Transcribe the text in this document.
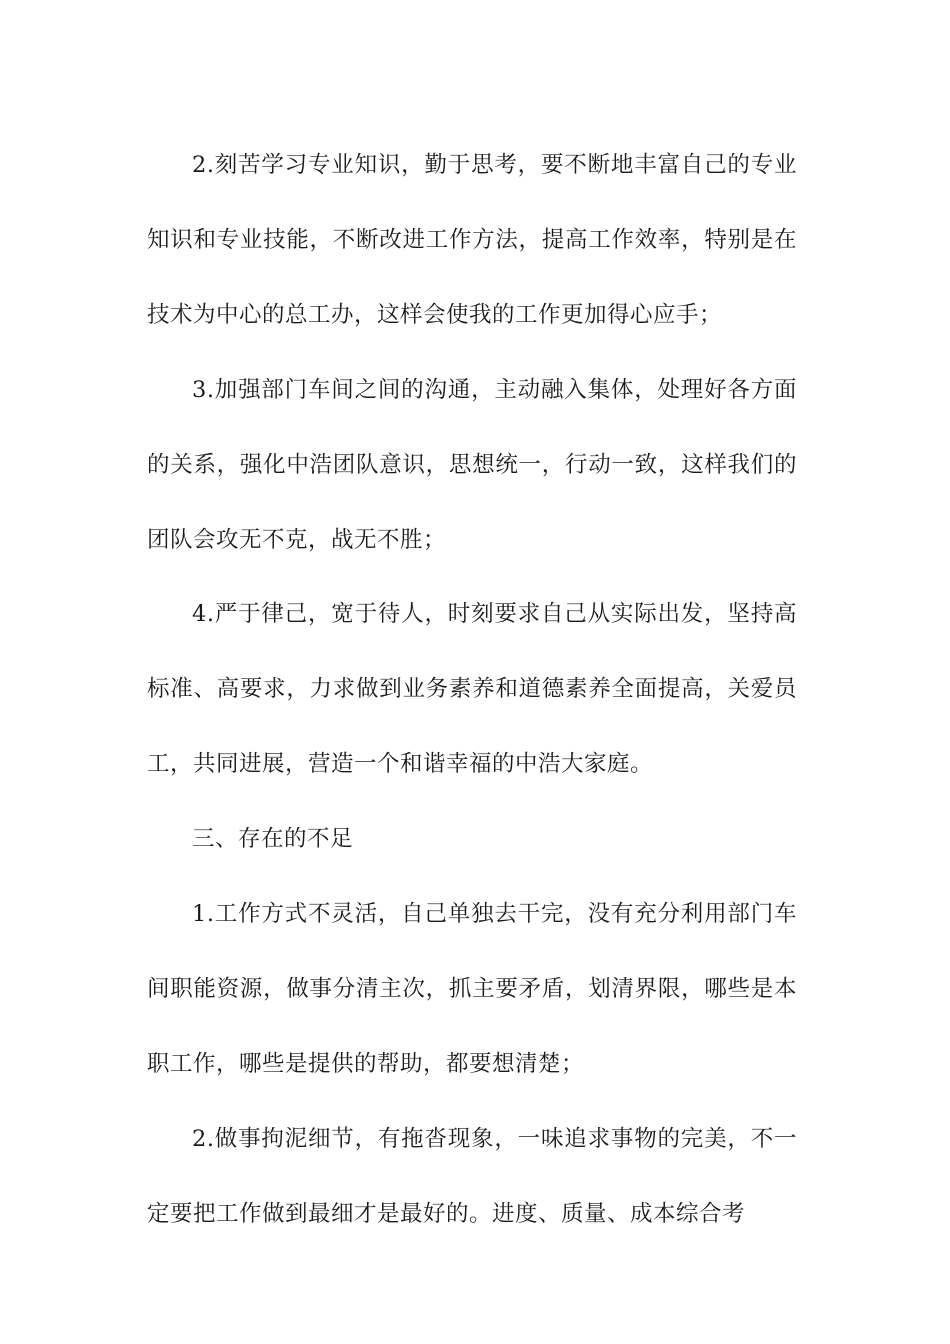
2.刻苦学习专业知识，勤于思考，要不断地丰富自己的专业知识和专业技能，不断改进工作方法，提高工作效率，特别是在技术为中心的总工办，这样会使我的工作更加得心应手；

3.加强部门车间之间的沟通，主动融入集体，处理好各方面的关系，强化中浩团队意识，思想统一，行动一致，这样我们的团队会攻无不克，战无不胜；

4.严于律己，宽于待人，时刻要求自己从实际出发，坚持高标准、高要求，力求做到业务素养和道德素养全面提高，关爱员工，共同进展，营造一个和谐幸福的中浩大家庭。

三、存在的不足

1.工作方式不灵活，自己单独去干完，没有充分利用部门车间职能资源，做事分清主次，抓主要矛盾，划清界限，哪些是本职工作，哪些是提供的帮助，都要想清楚；

2.做事拘泥细节，有拖沓现象，一味追求事物的完美，不一定要把工作做到最细才是最好的。进度、质量、成本综合考
